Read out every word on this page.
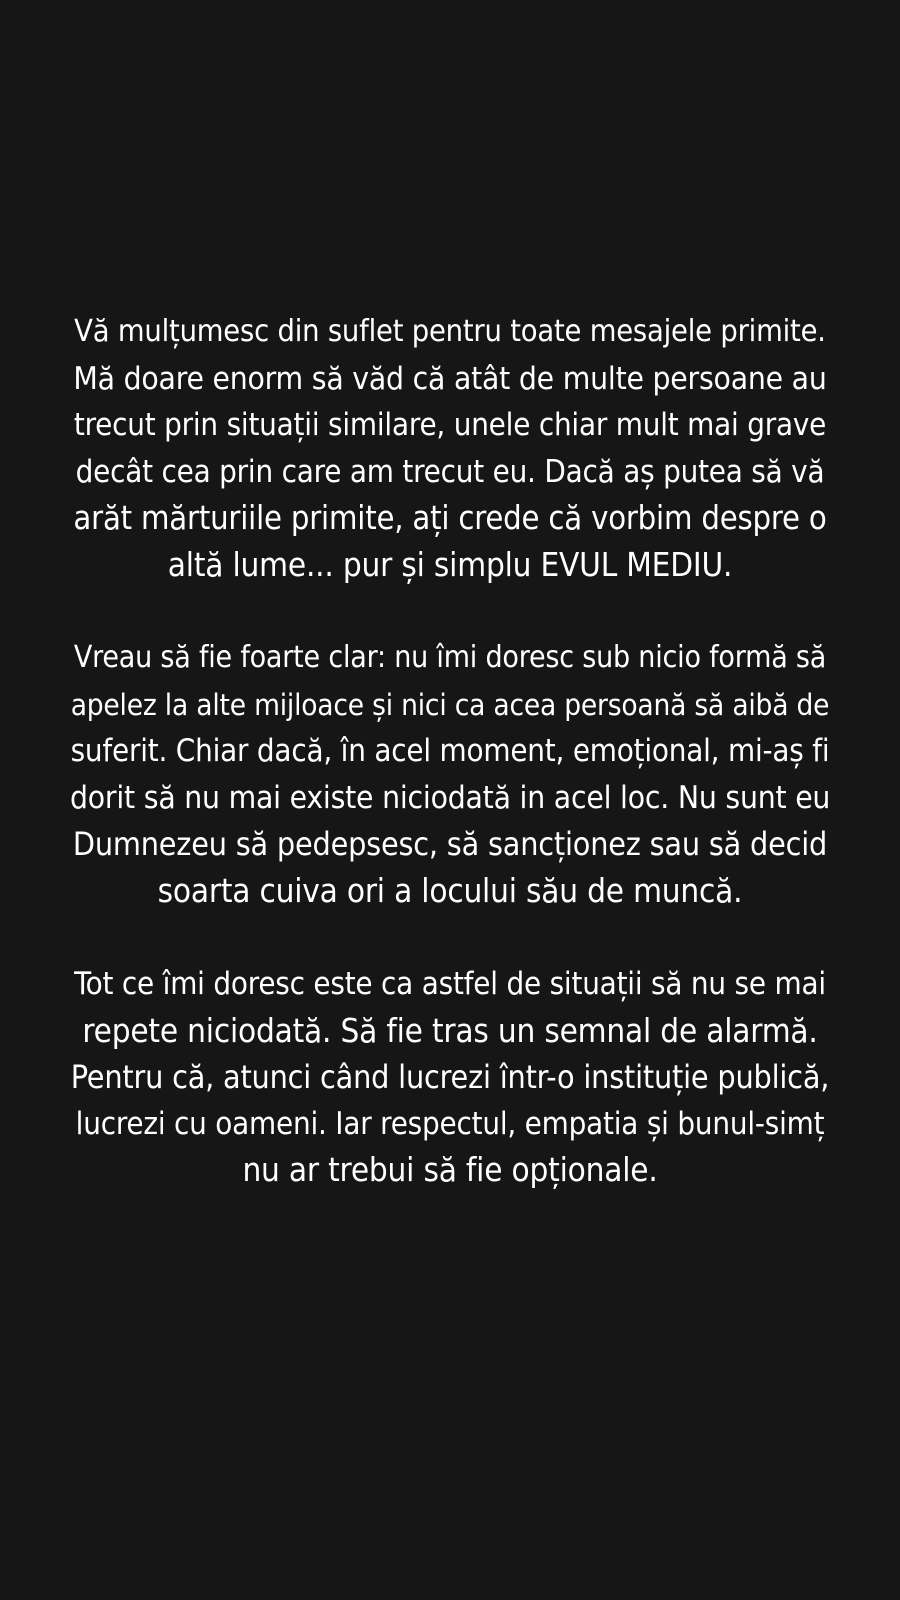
Vă mulțumesc din suflet pentru toate mesajele primite.
Mă doare enorm să văd că atât de multe persoane au
trecut prin situații similare, unele chiar mult mai grave
decât cea prin care am trecut eu. Dacă aș putea să vă
arăt mărturiile primite, ați crede că vorbim despre o
altă lume... pur și simplu EVUL MEDIU.

Vreau să fie foarte clar: nu îmi doresc sub nicio formă să
apelez la alte mijloace și nici ca acea persoană să aibă de
suferit. Chiar dacă, în acel moment, emoțional, mi-aș fi
dorit să nu mai existe niciodată in acel loc. Nu sunt eu
Dumnezeu să pedepsesc, să sancționez sau să decid
soarta cuiva ori a locului său de muncă.

Tot ce îmi doresc este ca astfel de situații să nu se mai
repete niciodată. Să fie tras un semnal de alarmă.
Pentru că, atunci când lucrezi într-o instituție publică,
lucrezi cu oameni. Iar respectul, empatia și bunul-simț
nu ar trebui să fie opționale.
